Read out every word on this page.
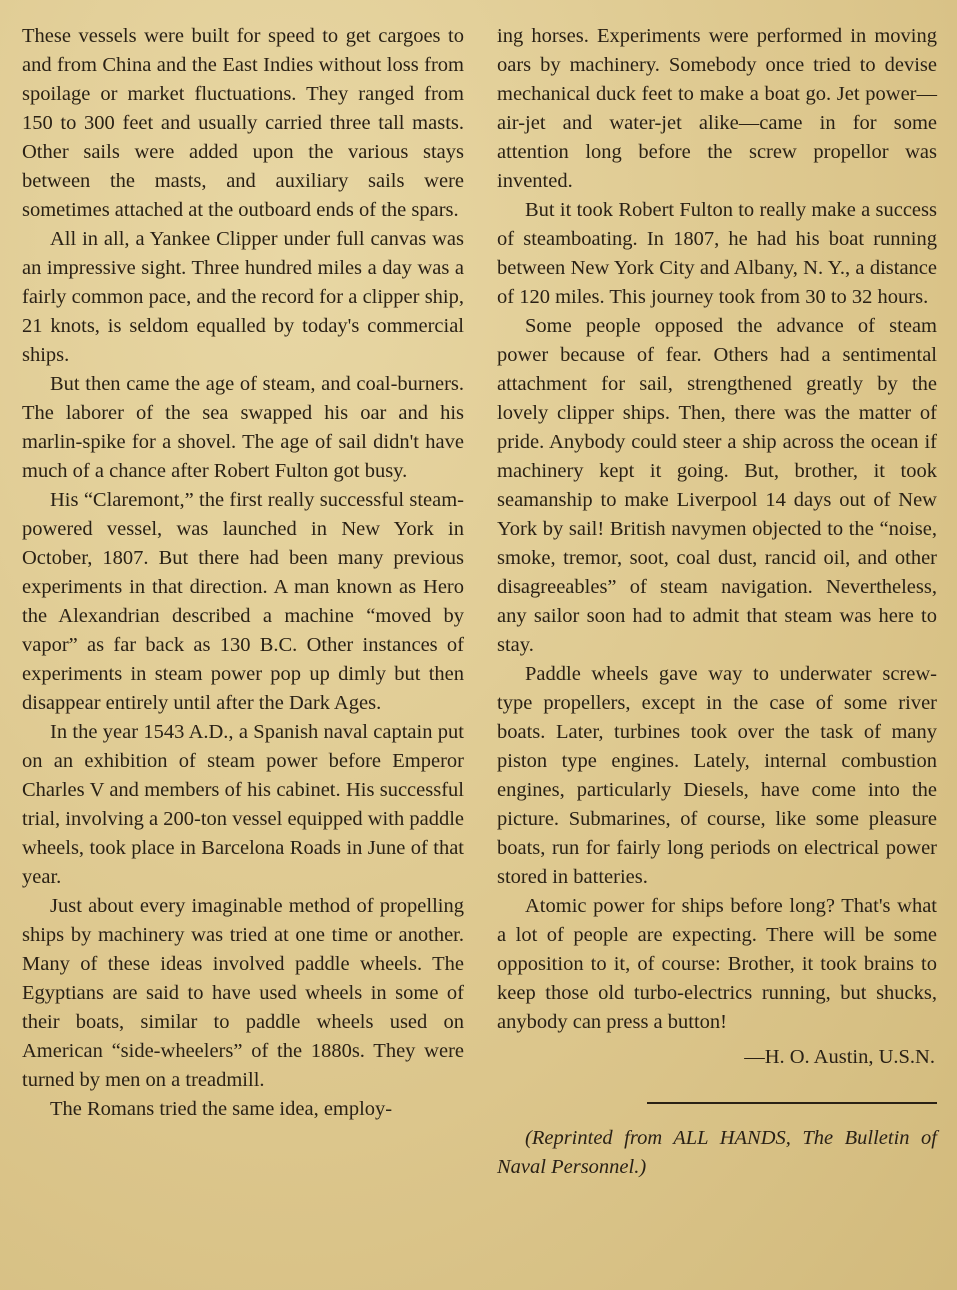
These vessels were built for speed to get cargoes to and from China and the East Indies without loss from spoilage or market fluctuations. They ranged from 150 to 300 feet and usually carried three tall masts. Other sails were added upon the various stays between the masts, and auxiliary sails were sometimes attached at the outboard ends of the spars.

All in all, a Yankee Clipper under full canvas was an impressive sight. Three hundred miles a day was a fairly common pace, and the record for a clipper ship, 21 knots, is seldom equalled by today's commercial ships.

But then came the age of steam, and coal-burners. The laborer of the sea swapped his oar and his marlin-spike for a shovel. The age of sail didn't have much of a chance after Robert Fulton got busy.

His “Claremont,” the first really successful steam-powered vessel, was launched in New York in October, 1807. But there had been many previous experiments in that direction. A man known as Hero the Alexandrian described a machine “moved by vapor” as far back as 130 B.C. Other instances of experiments in steam power pop up dimly but then disappear entirely until after the Dark Ages.

In the year 1543 A.D., a Spanish naval captain put on an exhibition of steam power before Emperor Charles V and members of his cabinet. His successful trial, involving a 200-ton vessel equipped with paddle wheels, took place in Barcelona Roads in June of that year.

Just about every imaginable method of propelling ships by machinery was tried at one time or another. Many of these ideas involved paddle wheels. The Egyptians are said to have used wheels in some of their boats, similar to paddle wheels used on American “side-wheelers” of the 1880s. They were turned by men on a treadmill.

The Romans tried the same idea, employ-

ing horses. Experiments were performed in moving oars by machinery. Somebody once tried to devise mechanical duck feet to make a boat go. Jet power—air-jet and water-jet alike—came in for some attention long before the screw propellor was invented.

But it took Robert Fulton to really make a success of steamboating. In 1807, he had his boat running between New York City and Albany, N. Y., a distance of 120 miles. This journey took from 30 to 32 hours.

Some people opposed the advance of steam power because of fear. Others had a sentimental attachment for sail, strengthened greatly by the lovely clipper ships. Then, there was the matter of pride. Anybody could steer a ship across the ocean if machinery kept it going. But, brother, it took seamanship to make Liverpool 14 days out of New York by sail! British navymen objected to the “noise, smoke, tremor, soot, coal dust, rancid oil, and other disagreeables” of steam navigation. Nevertheless, any sailor soon had to admit that steam was here to stay.

Paddle wheels gave way to underwater screw-type propellers, except in the case of some river boats. Later, turbines took over the task of many piston type engines. Lately, internal combustion engines, particularly Diesels, have come into the picture. Submarines, of course, like some pleasure boats, run for fairly long periods on electrical power stored in batteries.

Atomic power for ships before long? That's what a lot of people are expecting. There will be some opposition to it, of course: Brother, it took brains to keep those old turbo-electrics running, but shucks, anybody can press a button!

—H. O. Austin, U.S.N.

(Reprinted from ALL HANDS, The Bulletin of Naval Personnel.)
